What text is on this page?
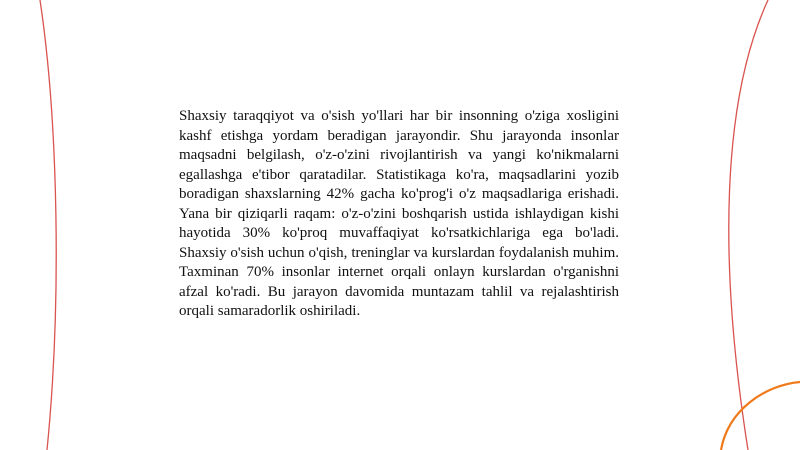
Shaxsiy taraqqiyot va o'sish yo'llari har bir insonning o'ziga xosligini kashf etishga yordam beradigan jarayondir. Shu jarayonda insonlar maqsadni belgilash, o'z-o'zini rivojlantirish va yangi ko'nikmalarni egallashga e'tibor qaratadilar. Statistikaga ko'ra, maqsadlarini yozib boradigan shaxslarning 42% gacha ko'prog'i o'z maqsadlariga erishadi. Yana bir qiziqarli raqam: o'z-o'zini boshqarish ustida ishlaydigan kishi hayotida 30% ko'proq muvaffaqiyat ko'rsatkichlariga ega bo'ladi. Shaxsiy o'sish uchun o'qish, treninglar va kurslardan foydalanish muhim. Taxminan 70% insonlar internet orqali onlayn kurslardan o'rganishni afzal ko'radi. Bu jarayon davomida muntazam tahlil va rejalashtirish orqali samaradorlik oshiriladi.
